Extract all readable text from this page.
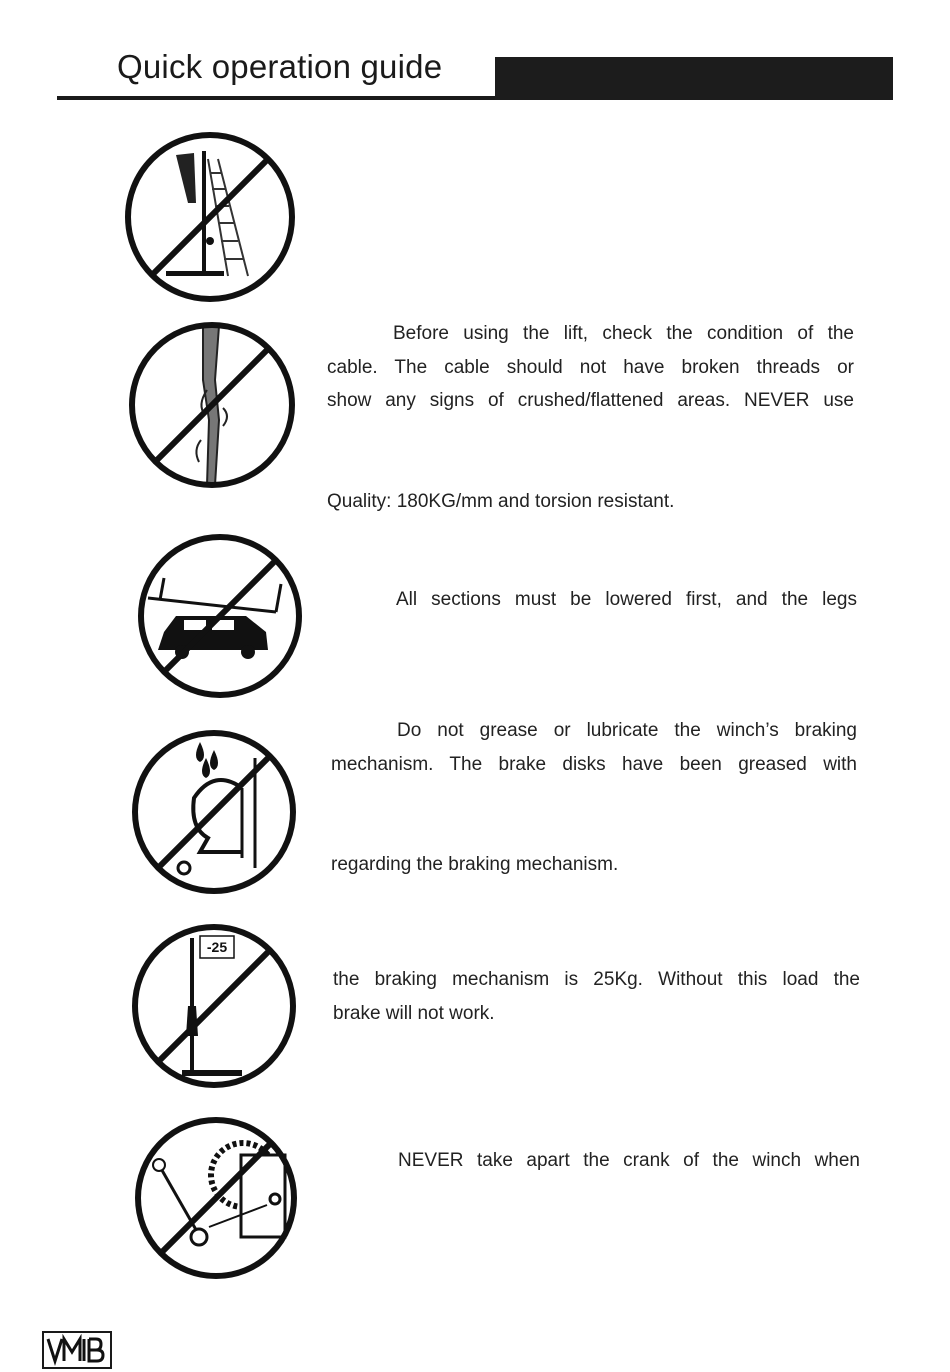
Quick operation guide
-25
Before using the lift, check the condition of the
cable. The cable should not have broken threads or
show any signs of crushed/flattened areas. NEVER use
Quality: 180KG/mm and torsion resistant.
All sections must be lowered first, and the legs
Do not grease or lubricate the winch’s braking
mechanism. The brake disks have been greased with
regarding the braking mechanism.
the braking mechanism is 25Kg. Without this load the
brake will not work.
NEVER take apart the crank of the winch when
